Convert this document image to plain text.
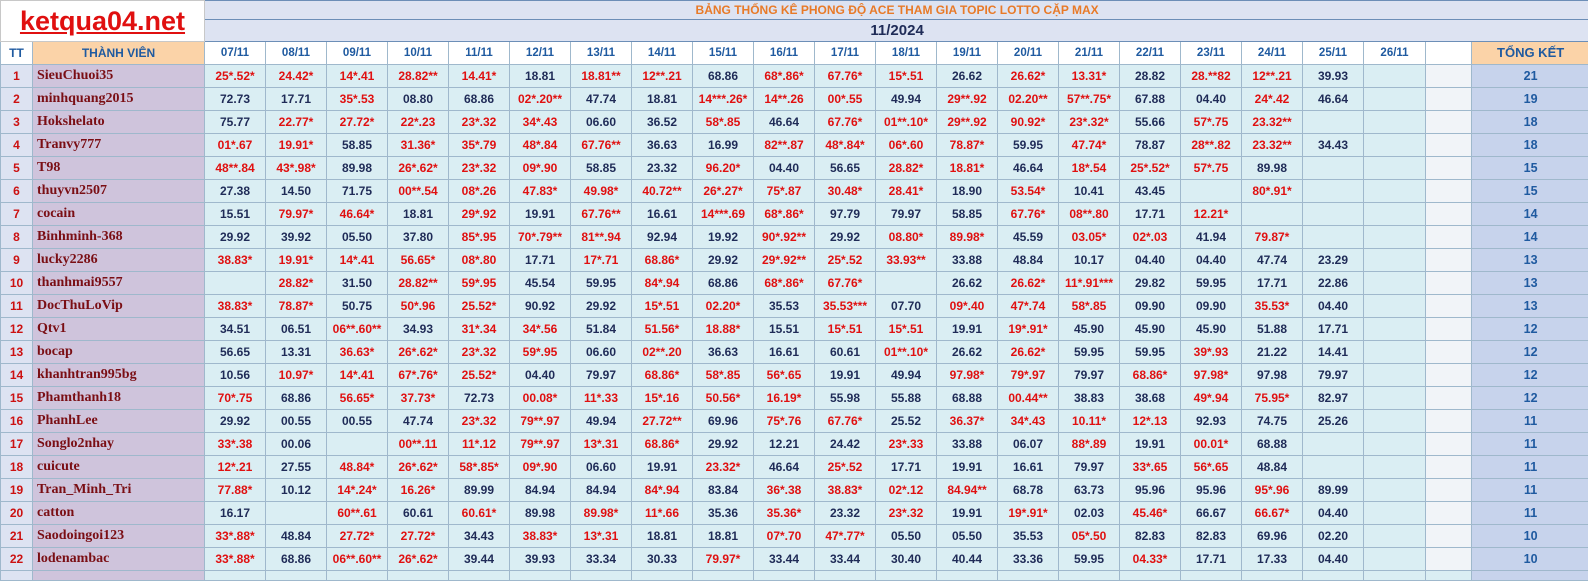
ketqua04.net		BẢNG THỐNG KÊ PHONG ĐỘ ACE THAM GIA TOPIC LOTTO CẶP MAX																					
		11/2024																					
TT	THÀNH VIÊN	07/11	08/11	09/11	10/11	11/11	12/11	13/11	14/11	15/11	16/11	17/11	18/11	19/11	20/11	21/11	22/11	23/11	24/11	25/11	26/11		TỔNG KẾT
1	SieuChuoi35	25*.52*	24.42*	14*.41	28.82**	14.41*	18.81	18.81**	12**.21	68.86	68*.86*	67.76*	15*.51	26.62	26.62*	13.31*	28.82	28.**82	12**.21	39.93			21
2	minhquang2015	72.73	17.71	35*.53	08.80	68.86	02*.20**	47.74	18.81	14***.26*	14**.26	00*.55	49.94	29**.92	02.20**	57**.75*	67.88	04.40	24*.42	46.64			19
3	Hokshelato	75.77	22.77*	27.72*	22*.23	23*.32	34*.43	06.60	36.52	58*.85	46.64	67.76*	01**.10*	29**.92	90.92*	23*.32*	55.66	57*.75	23.32**				18
4	Tranvy777	01*.67	19.91*	58.85	31.36*	35*.79	48*.84	67.76**	36.63	16.99	82**.87	48*.84*	06*.60	78.87*	59.95	47.74*	78.87	28**.82	23.32**	34.43			18
5	T98	48**.84	43*.98*	89.98	26*.62*	23*.32	09*.90	58.85	23.32	96.20*	04.40	56.65	28.82*	18.81*	46.64	18*.54	25*.52*	57*.75	89.98				15
6	thuyvn2507	27.38	14.50	71.75	00**.54	08*.26	47.83*	49.98*	40.72**	26*.27*	75*.87	30.48*	28.41*	18.90	53.54*	10.41	43.45		80*.91*				15
7	cocain	15.51	79.97*	46.64*	18.81	29*.92	19.91	67.76**	16.61	14***.69	68*.86*	97.79	79.97	58.85	67.76*	08**.80	17.71	12.21*					14
8	Binhminh-368	29.92	39.92	05.50	37.80	85*.95	70*.79**	81**.94	92.94	19.92	90*.92**	29.92	08.80*	89.98*	45.59	03.05*	02*.03	41.94	79.87*				14
9	lucky2286	38.83*	19.91*	14*.41	56.65*	08*.80	17.71	17*.71	68.86*	29.92	29*.92**	25*.52	33.93**	33.88	48.84	10.17	04.40	04.40	47.74	23.29			13
10	thanhmai9557		28.82*	31.50	28.82**	59*.95	45.54	59.95	84*.94	68.86	68*.86*	67.76*		26.62	26.62*	11*.91***	29.82	59.95	17.71	22.86			13
11	DocThuLoVip	38.83*	78.87*	50.75	50*.96	25.52*	90.92	29.92	15*.51	02.20*	35.53	35.53***	07.70	09*.40	47*.74	58*.85	09.90	09.90	35.53*	04.40			13
12	Qtv1	34.51	06.51	06**.60**	34.93	31*.34	34*.56	51.84	51.56*	18.88*	15.51	15*.51	15*.51	19.91	19*.91*	45.90	45.90	45.90	51.88	17.71			12
13	bocap	56.65	13.31	36.63*	26*.62*	23*.32	59*.95	06.60	02**.20	36.63	16.61	60.61	01**.10*	26.62	26.62*	59.95	59.95	39*.93	21.22	14.41			12
14	khanhtran995bg	10.56	10.97*	14*.41	67*.76*	25.52*	04.40	79.97	68.86*	58*.85	56*.65	19.91	49.94	97.98*	79*.97	79.97	68.86*	97.98*	97.98	79.97			12
15	Phamthanh18	70*.75	68.86	56.65*	37.73*	72.73	00.08*	11*.33	15*.16	50.56*	16.19*	55.98	55.88	68.88	00.44**	38.83	38.68	49*.94	75.95*	82.97			12
16	PhanhLee	29.92	00.55	00.55	47.74	23*.32	79**.97	49.94	27.72**	69.96	75*.76	67.76*	25.52	36.37*	34*.43	10.11*	12*.13	92.93	74.75	25.26			11
17	Songlo2nhay	33*.38	00.06		00**.11	11*.12	79**.97	13*.31	68.86*	29.92	12.21	24.42	23*.33	33.88	06.07	88*.89	19.91	00.01*	68.88				11
18	cuicute	12*.21	27.55	48.84*	26*.62*	58*.85*	09*.90	06.60	19.91	23.32*	46.64	25*.52	17.71	19.91	16.61	79.97	33*.65	56*.65	48.84				11
19	Tran_Minh_Tri	77.88*	10.12	14*.24*	16.26*	89.99	84.94	84.94	84*.94	83.84	36*.38	38.83*	02*.12	84.94**	68.78	63.73	95.96	95.96	95*.96	89.99			11
20	catton	16.17		60**.61	60.61	60.61*	89.98	89.98*	11*.66	35.36	35.36*	23.32	23*.32	19.91	19*.91*	02.03	45.46*	66.67	66.67*	04.40			11
21	Saodoingoi123	33*.88*	48.84	27.72*	27.72*	34.43	38.83*	13*.31	18.81	18.81	07*.70	47*.77*	05.50	05.50	35.53	05*.50	82.83	82.83	69.96	02.20			10
22	lodenambac	33*.88*	68.86	06**.60**	26*.62*	39.44	39.93	33.34	30.33	79.97*	33.44	33.44	30.40	40.44	33.36	59.95	04.33*	17.71	17.33	04.40			10
